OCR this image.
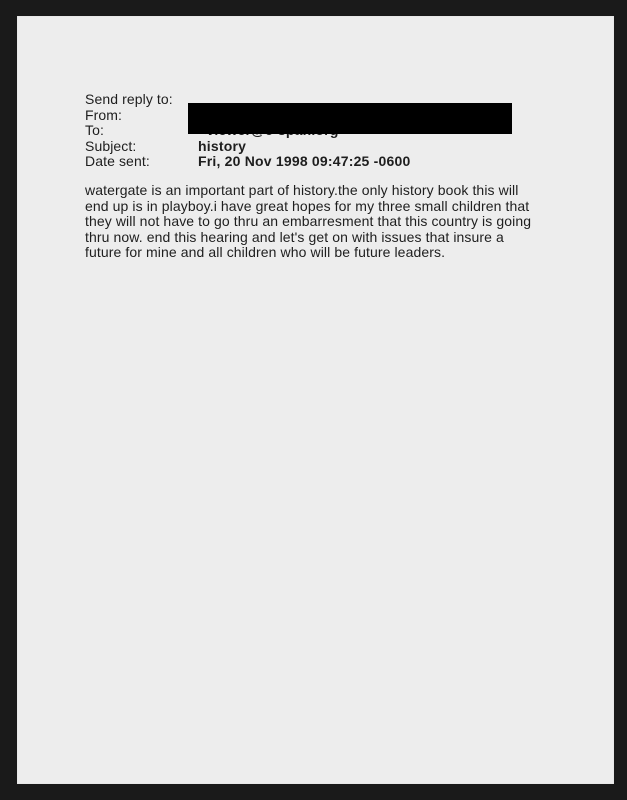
Send reply to:
From:
To:
Subject:	history
Date sent:	Fri, 20 Nov 1998 09:47:25 -0600
watergate is an important part of history.the only history book this will
end up is in playboy.i have great hopes for my three small children that
they will not have to go thru an embarresment that this country is going
thru now. end this hearing and let's get on with issues that insure a
future for mine and all children who will be future leaders.
